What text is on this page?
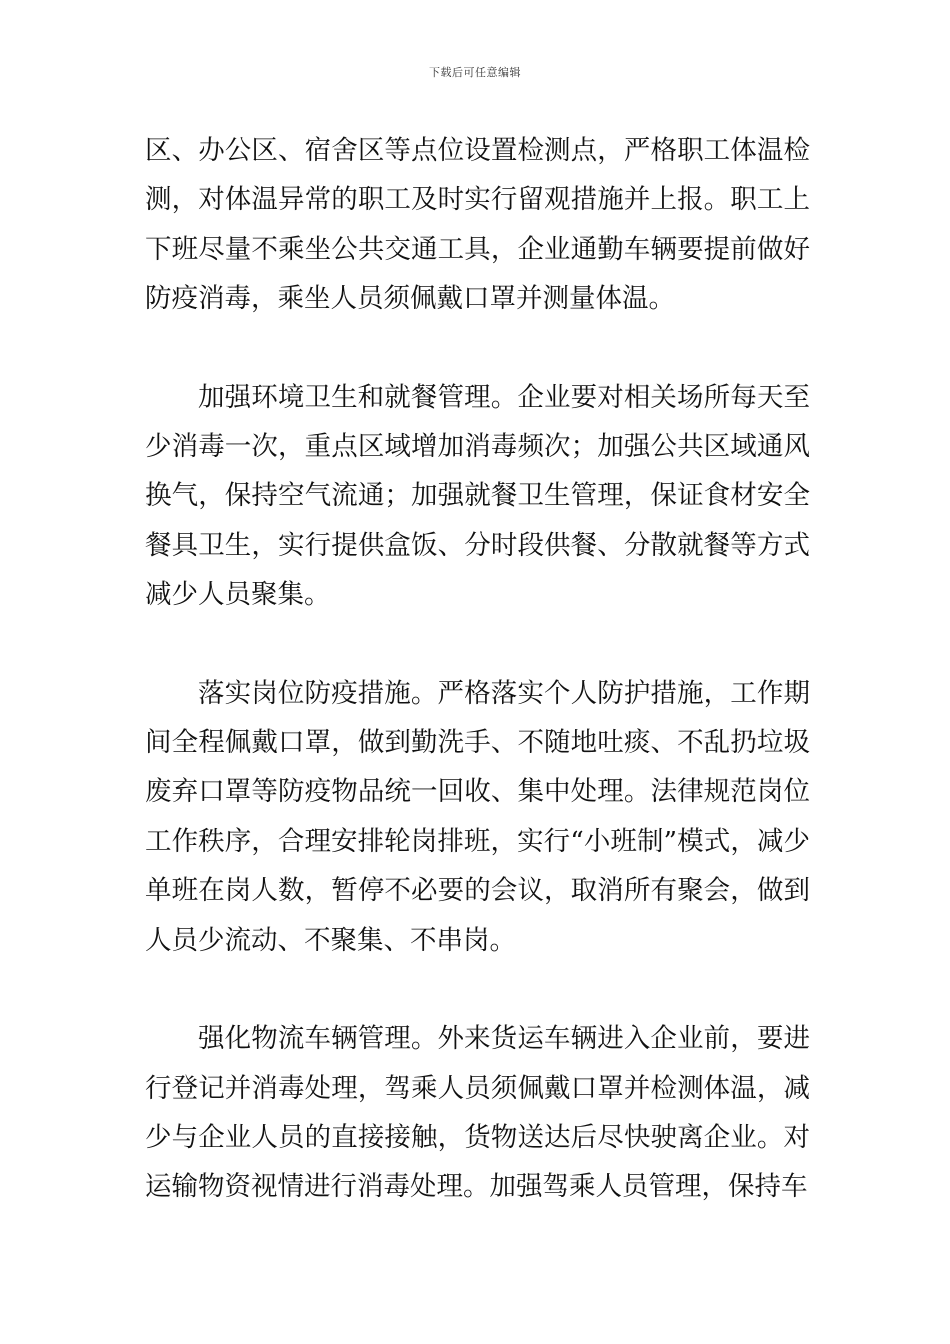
下载后可任意编辑

区、办公区、宿舍区等点位设置检测点，严格职工体温检测，对体温异常的职工及时实行留观措施并上报。职工上下班尽量不乘坐公共交通工具，企业通勤车辆要提前做好防疫消毒，乘坐人员须佩戴口罩并测量体温。

加强环境卫生和就餐管理。企业要对相关场所每天至少消毒一次，重点区域增加消毒频次；加强公共区域通风换气，保持空气流通；加强就餐卫生管理，保证食材安全餐具卫生，实行提供盒饭、分时段供餐、分散就餐等方式减少人员聚集。

落实岗位防疫措施。严格落实个人防护措施，工作期间全程佩戴口罩，做到勤洗手、不随地吐痰、不乱扔垃圾废弃口罩等防疫物品统一回收、集中处理。法律规范岗位工作秩序，合理安排轮岗排班，实行“小班制”模式，减少单班在岗人数，暂停不必要的会议，取消所有聚会，做到人员少流动、不聚集、不串岗。

强化物流车辆管理。外来货运车辆进入企业前，要进行登记并消毒处理，驾乘人员须佩戴口罩并检测体温，减少与企业人员的直接接触，货物送达后尽快驶离企业。对运输物资视情进行消毒处理。加强驾乘人员管理，保持车
